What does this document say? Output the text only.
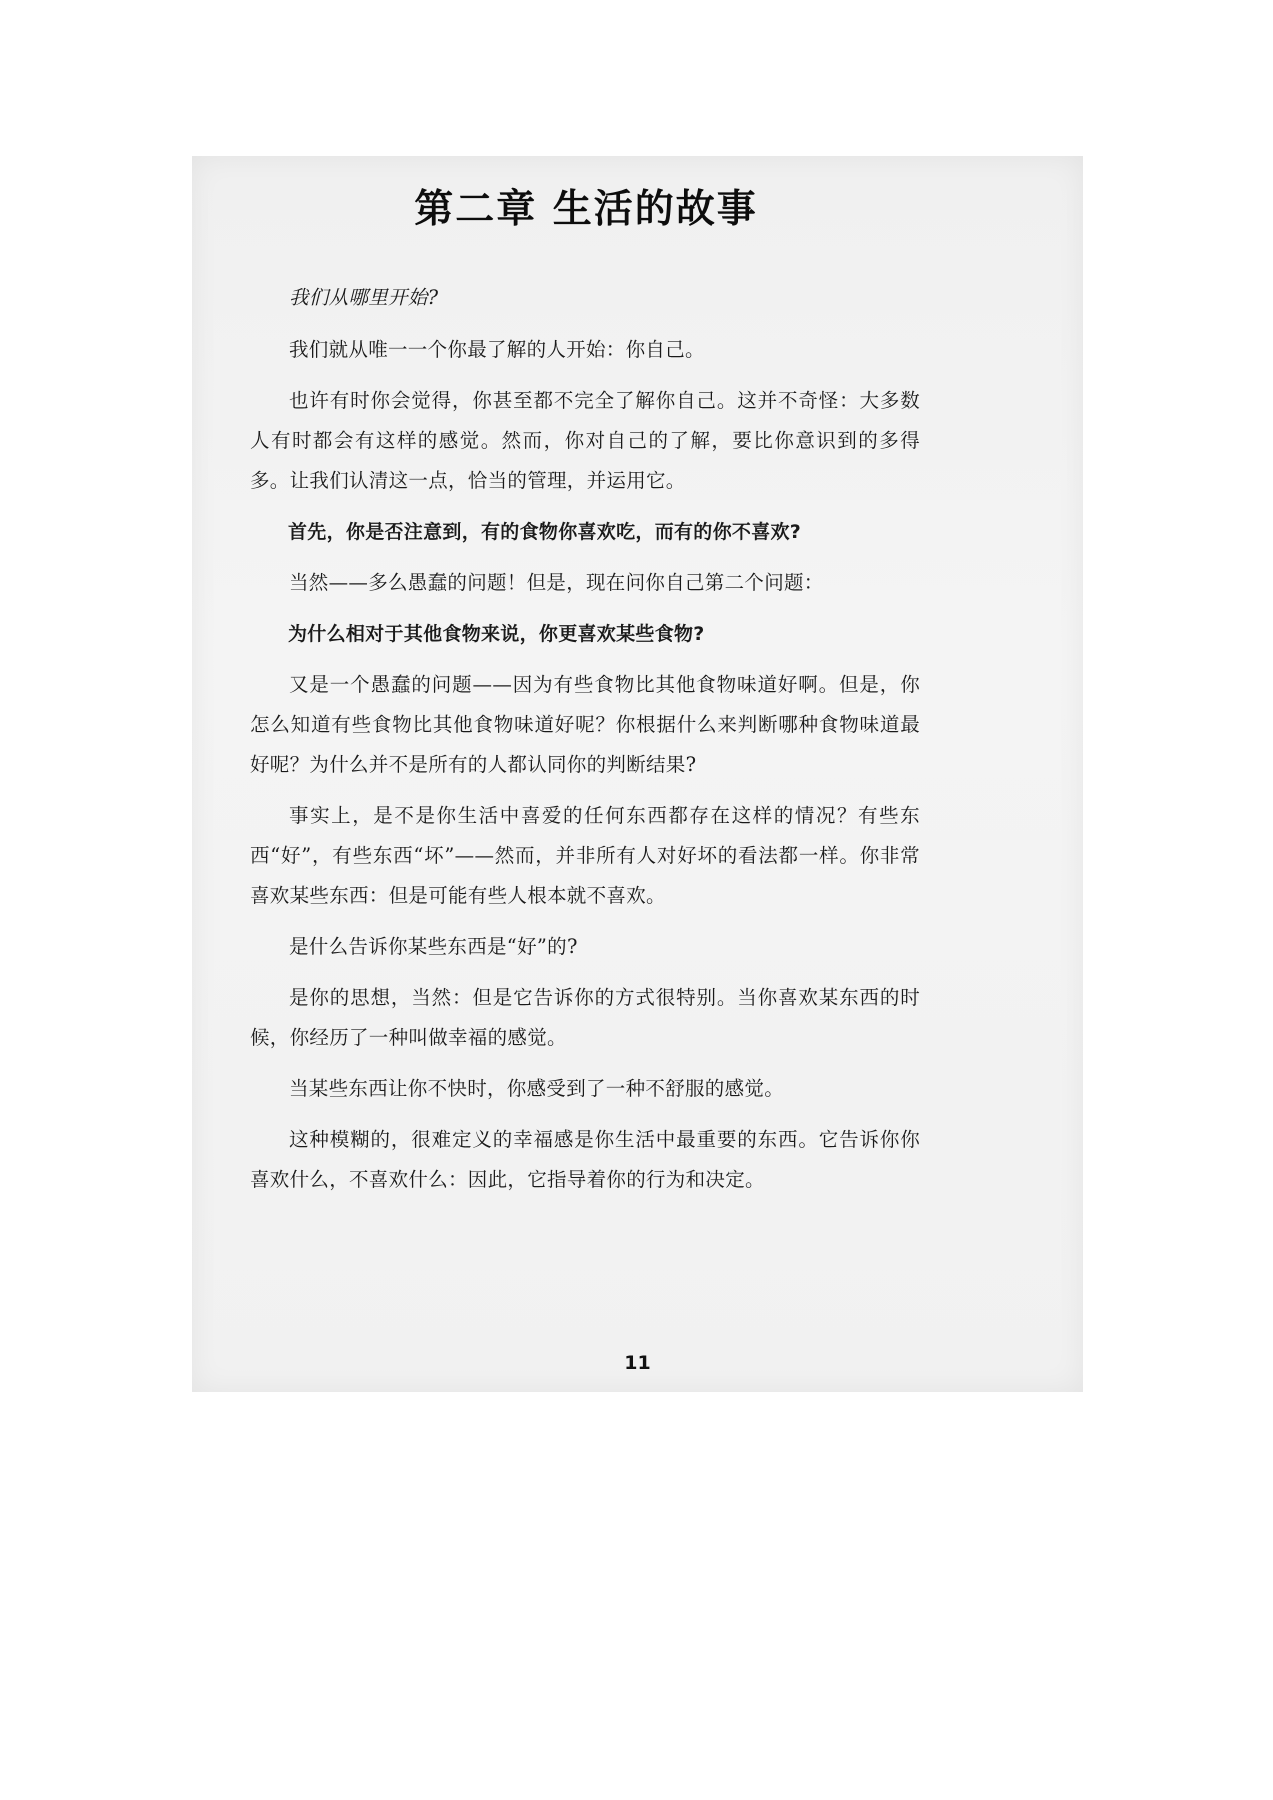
第二章 生活的故事

我们从哪里开始?

我们就从唯一一个你最了解的人开始：你自己。

也许有时你会觉得，你甚至都不完全了解你自己。这并不奇怪：大多数人有时都会有这样的感觉。然而，你对自己的了解，要比你意识到的多得多。让我们认清这一点，恰当的管理，并运用它。

首先，你是否注意到，有的食物你喜欢吃，而有的你不喜欢?

当然——多么愚蠢的问题！但是，现在问你自己第二个问题：

为什么相对于其他食物来说，你更喜欢某些食物?

又是一个愚蠢的问题——因为有些食物比其他食物味道好啊。但是，你怎么知道有些食物比其他食物味道好呢？你根据什么来判断哪种食物味道最好呢？为什么并不是所有的人都认同你的判断结果?

事实上，是不是你生活中喜爱的任何东西都存在这样的情况？有些东西“好”，有些东西“坏”——然而，并非所有人对好坏的看法都一样。你非常喜欢某些东西：但是可能有些人根本就不喜欢。

是什么告诉你某些东西是“好”的?

是你的思想，当然：但是它告诉你的方式很特别。当你喜欢某东西的时候，你经历了一种叫做幸福的感觉。

当某些东西让你不快时，你感受到了一种不舒服的感觉。

这种模糊的，很难定义的幸福感是你生活中最重要的东西。它告诉你你喜欢什么，不喜欢什么：因此，它指导着你的行为和决定。

11
